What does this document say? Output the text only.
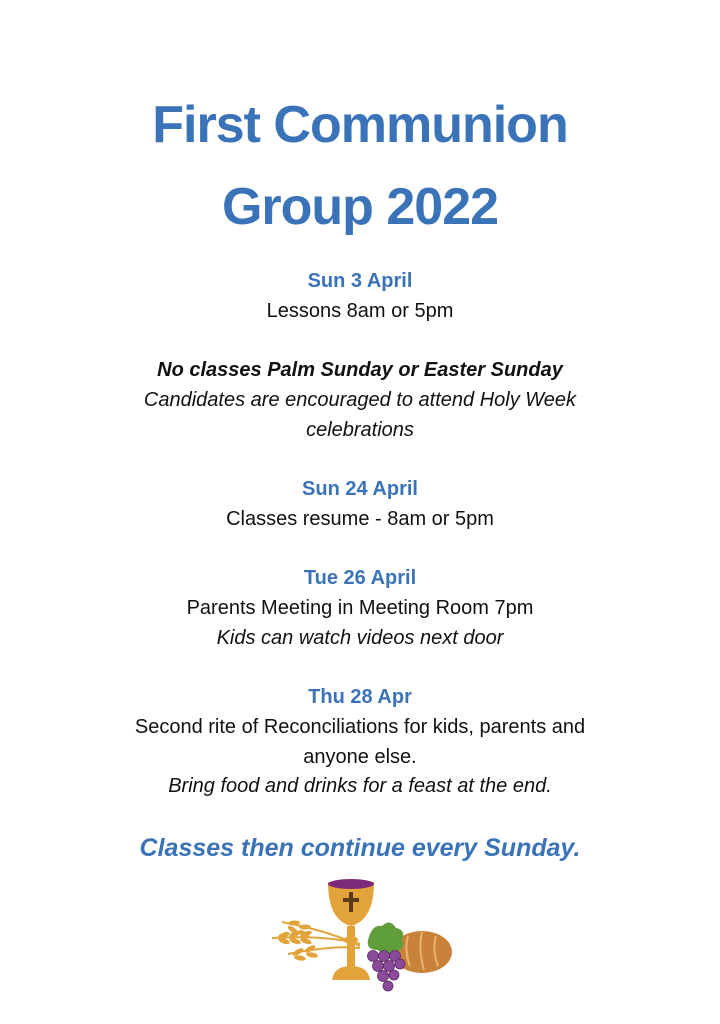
First Communion
Group 2022
Sun 3 April
Lessons 8am or 5pm
No classes Palm Sunday or Easter Sunday
Candidates are encouraged to attend Holy Week
celebrations
Sun 24 April
Classes resume - 8am or 5pm
Tue 26 April
Parents Meeting in Meeting Room 7pm
Kids can watch videos next door
Thu 28 Apr
Second rite of Reconciliations for kids, parents and
anyone else.
Bring food and drinks for a feast at the end.
Classes then continue every Sunday.
